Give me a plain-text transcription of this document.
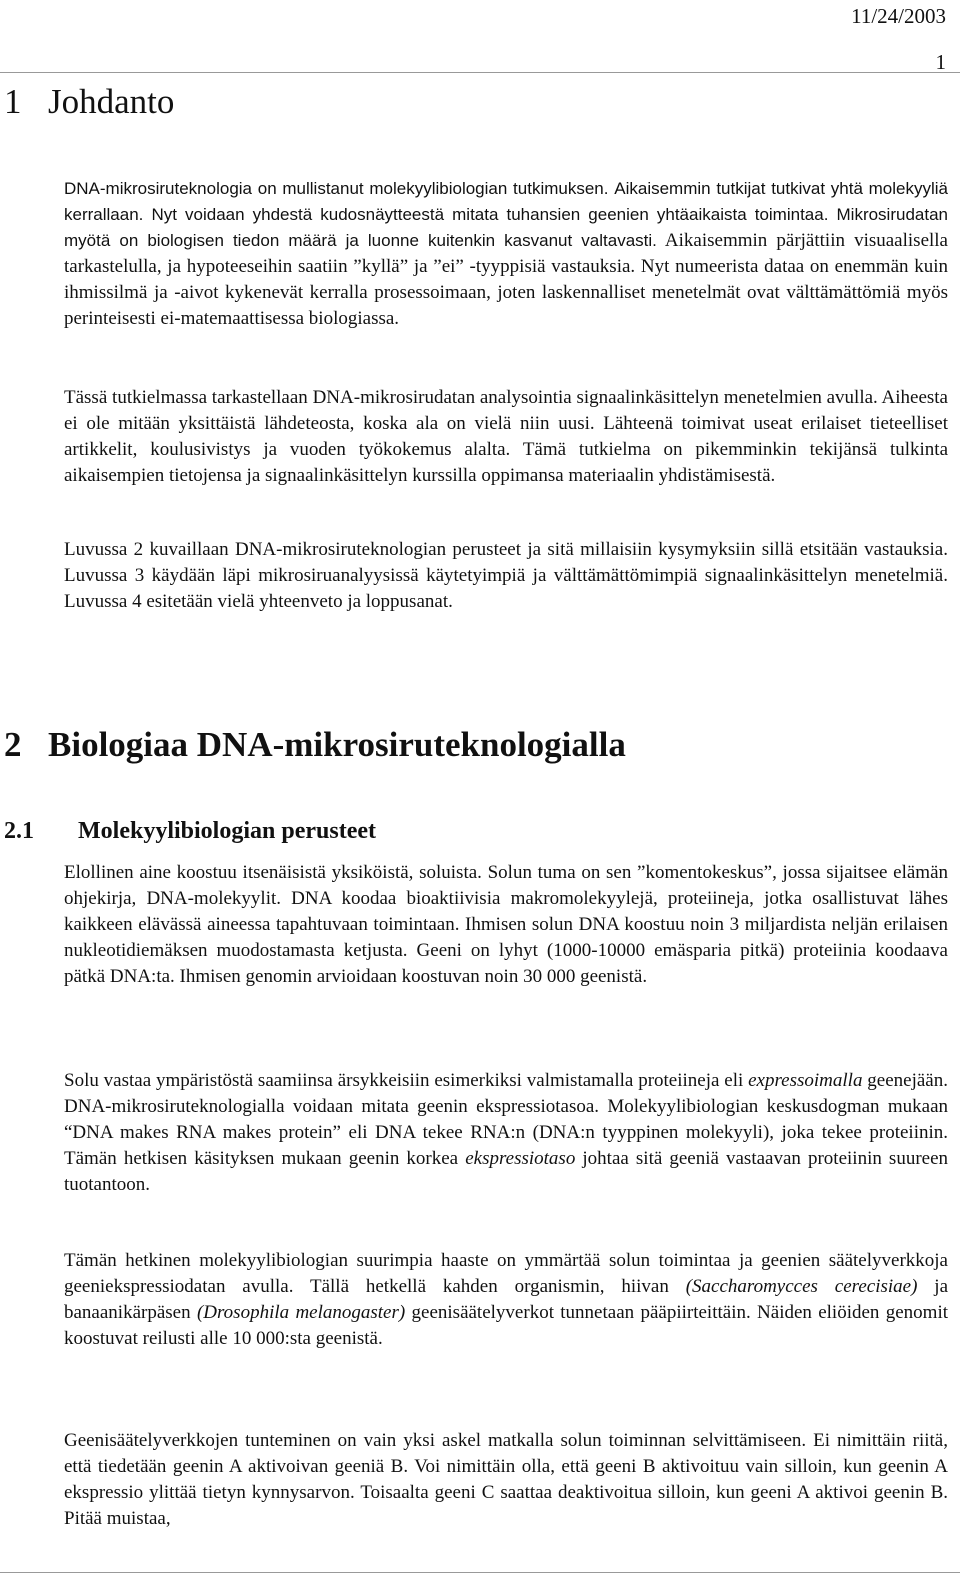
11/24/2003
1
1 Johdanto

DNA-mikrosiruteknologia on mullistanut molekyylibiologian tutkimuksen. Aikaisemmin tutkijat tutkivat yhtä molekyyliä kerrallaan. Nyt voidaan yhdestä kudosnäytteestä mitata tuhansien geenien yhtäaikaista toimintaa. Mikrosirudatan myötä on biologisen tiedon määrä ja luonne kuitenkin kasvanut valtavasti. Aikaisemmin pärjättiin visuaalisella tarkastelulla, ja hypoteeseihin saatiin ”kyllä” ja ”ei” -tyyppisiä vastauksia. Nyt numeerista dataa on enemmän kuin ihmissilmä ja -aivot kykenevät kerralla prosessoimaan, joten laskennalliset menetelmät ovat välttämättömiä myös perinteisesti ei-matemaattisessa biologiassa.

Tässä tutkielmassa tarkastellaan DNA-mikrosirudatan analysointia signaalinkäsittelyn menetelmien avulla. Aiheesta ei ole mitään yksittäistä lähdeteosta, koska ala on vielä niin uusi. Lähteenä toimivat useat erilaiset tieteelliset artikkelit, koulusivistys ja vuoden työkokemus alalta. Tämä tutkielma on pikemminkin tekijänsä tulkinta aikaisempien tietojensa ja signaalinkäsittelyn kurssilla oppimansa materiaalin yhdistämisestä.

Luvussa 2 kuvaillaan DNA-mikrosiruteknologian perusteet ja sitä millaisiin kysymyksiin sillä etsitään vastauksia. Luvussa 3 käydään läpi mikrosiruanalyysissä käytetyimpiä ja välttämättömimpiä signaalinkäsittelyn menetelmiä. Luvussa 4 esitetään vielä yhteenveto ja loppusanat.

2 Biologiaa DNA-mikrosiruteknologialla
2.1 Molekyylibiologian perusteet

Elollinen aine koostuu itsenäisistä yksiköistä, soluista. Solun tuma on sen ”komentokeskus”, jossa sijaitsee elämän ohjekirja, DNA-molekyylit. DNA koodaa bioaktiivisia makromolekyylejä, proteiineja, jotka osallistuvat lähes kaikkeen elävässä aineessa tapahtuvaan toimintaan. Ihmisen solun DNA koostuu noin 3 miljardista neljän erilaisen nukleotidiemäksen muodostamasta ketjusta. Geeni on lyhyt (1000-10000 emäsparia pitkä) proteiinia koodaava pätkä DNA:ta. Ihmisen genomin arvioidaan koostuvan noin 30 000 geenistä.

Solu vastaa ympäristöstä saamiinsa ärsykkeisiin esimerkiksi valmistamalla proteiineja eli expressoimalla geenejään. DNA-mikrosiruteknologialla voidaan mitata geenin ekspressiotasoa. Molekyylibiologian keskusdogman mukaan “DNA makes RNA makes protein” eli DNA tekee RNA:n (DNA:n tyyppinen molekyyli), joka tekee proteiinin. Tämän hetkisen käsityksen mukaan geenin korkea ekspressiotaso johtaa sitä geeniä vastaavan proteiinin suureen tuotantoon.

Tämän hetkinen molekyylibiologian suurimpia haaste on ymmärtää solun toimintaa ja geenien säätelyverkkoja geeniekspressiodatan avulla. Tällä hetkellä kahden organismin, hiivan (Saccharomycces cerecisiae) ja banaanikärpäsen (Drosophila melanogaster) geenisäätelyverkot tunnetaan pääpiirteittäin. Näiden eliöiden genomit koostuvat reilusti alle 10 000:sta geenistä.

Geenisäätelyverkkojen tunteminen on vain yksi askel matkalla solun toiminnan selvittämiseen. Ei nimittäin riitä, että tiedetään geenin A aktivoivan geeniä B. Voi nimittäin olla, että geeni B aktivoituu vain silloin, kun geenin A ekspressio ylittää tietyn kynnysarvon. Toisaalta geeni C saattaa deaktivoitua silloin, kun geeni A aktivoi geenin B. Pitää muistaa,
